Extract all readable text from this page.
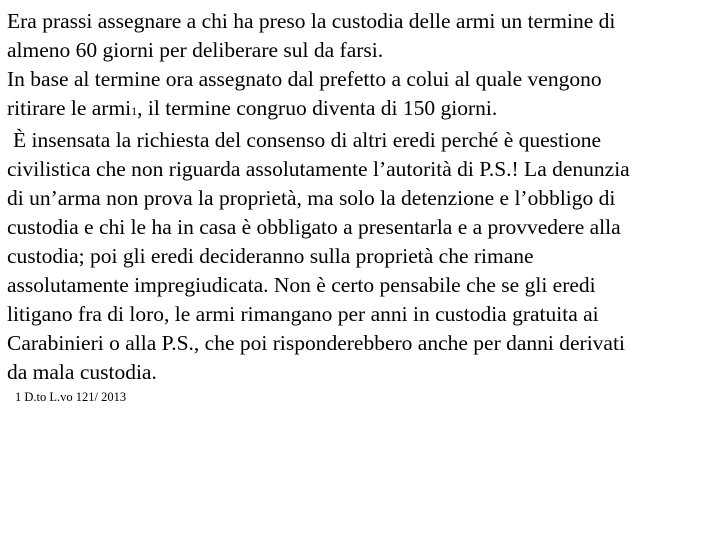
Era prassi assegnare a chi ha preso la custodia delle armi un termine di
almeno 60 giorni per deliberare sul da farsi.
In base al termine ora assegnato dal prefetto a colui al quale vengono
ritirare le armi1, il termine congruo diventa di 150 giorni.
È insensata la richiesta del consenso di altri eredi perché è questione
civilistica che non riguarda assolutamente l’autorità di P.S.! La denunzia
di un’arma non prova la proprietà, ma solo la detenzione e l’obbligo di
custodia e chi le ha in casa è obbligato a presentarla e a provvedere alla
custodia; poi gli eredi decideranno sulla proprietà che rimane
assolutamente impregiudicata. Non è certo pensabile che se gli eredi
litigano fra di loro, le armi rimangano per anni in custodia gratuita ai
Carabinieri o alla P.S., che poi risponderebbero anche per danni derivati
da mala custodia.
1 D.to L.vo 121/ 2013
